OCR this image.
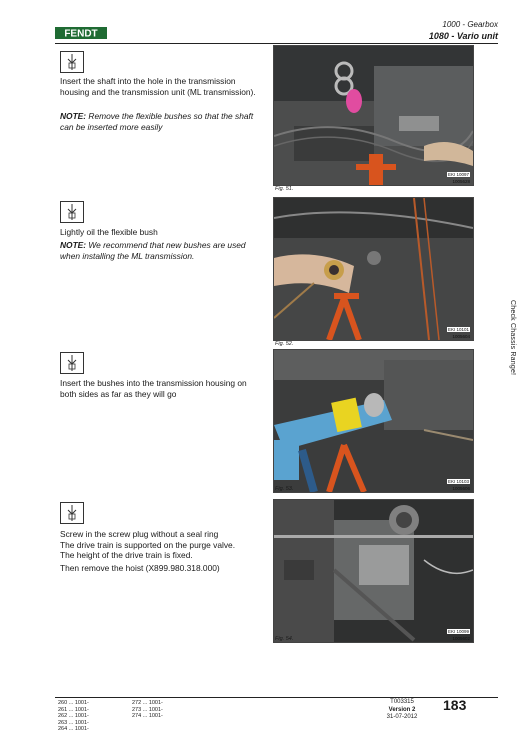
FENDT
1000 - Gearbox
1080 - Vario unit
Insert the shaft into the hole in the transmission housing and the transmission unit (ML transmission).
NOTE: Remove the flexible bushes so that the shaft can be inserted more easily
EKI 10097
1005628
Fig. 51.
Lightly oil the flexible bush
NOTE: We recommend that new bushes are used when installing the ML transmission.
EKI 10101
1005604
Fig. 52.
Insert the bushes into the transmission housing on both sides as far as they will go
EKI 10103
1005606
Fig. 53.
Screw in the screw plug without a seal ring
The drive train is supported on the purge valve.
The height of the drive train is fixed.
Then remove the hoist (X899.980.318.000)
EKI 10099
1005602
Fig. 54.
Check Chassis Range!
260 ... 1001-
261 ... 1001-
262 ... 1001-
263 ... 1001-
264 ... 1001-
272 ... 1001-
273 ... 1001-
274 ... 1001-
T003315
Version 2
31-07-2012
183
